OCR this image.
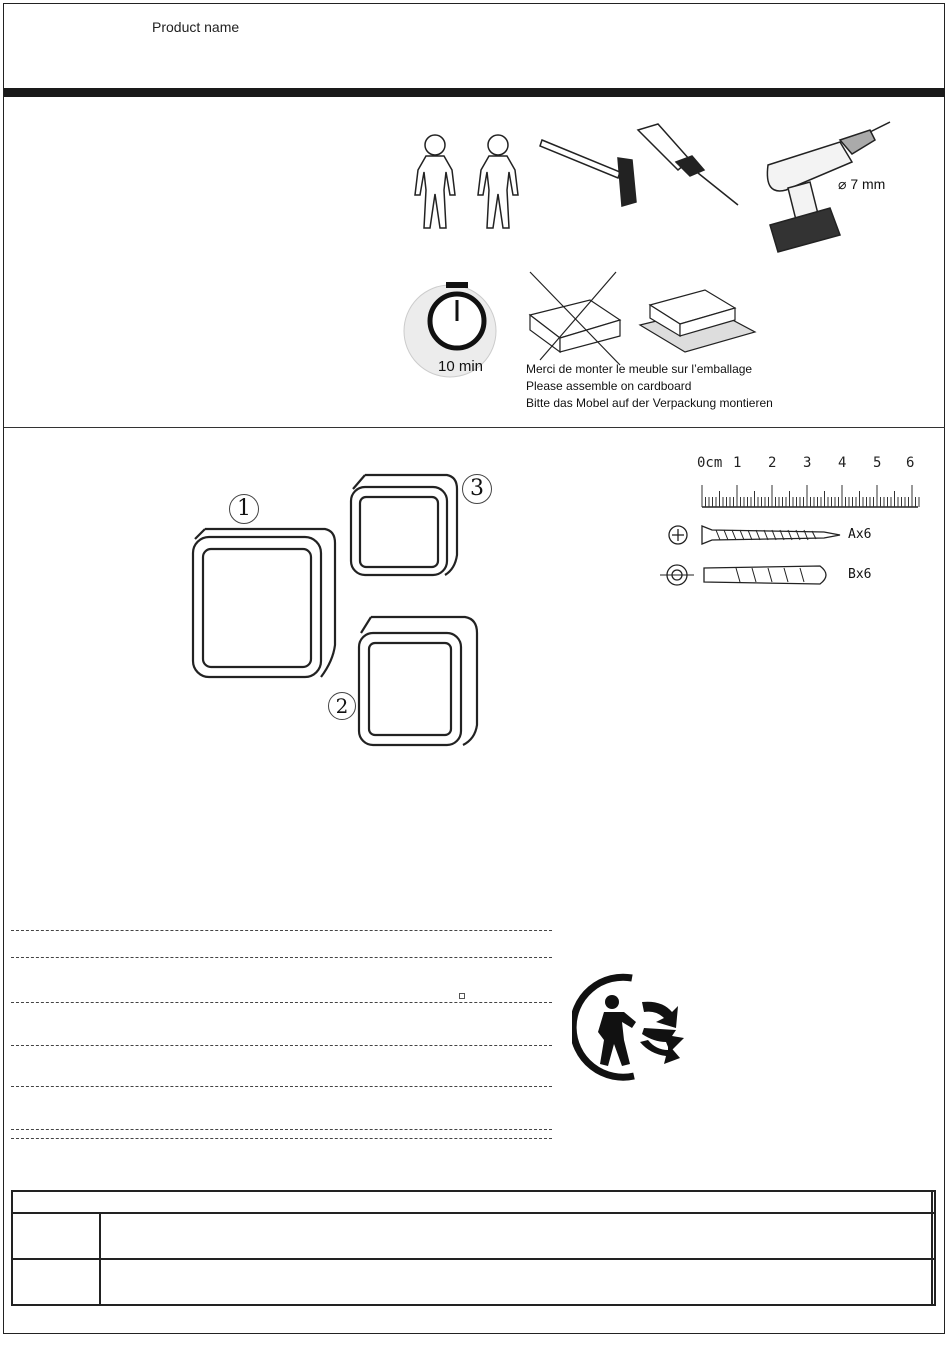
Product name
⌀ 7 mm
10 min	Merci de monter le meuble sur l’emballage
Please assemble on cardboard
Bitte das Mobel auf der Verpackung montieren
1
2
3
0cm 1 2 3 4 5 6
Ax6
Bx6
